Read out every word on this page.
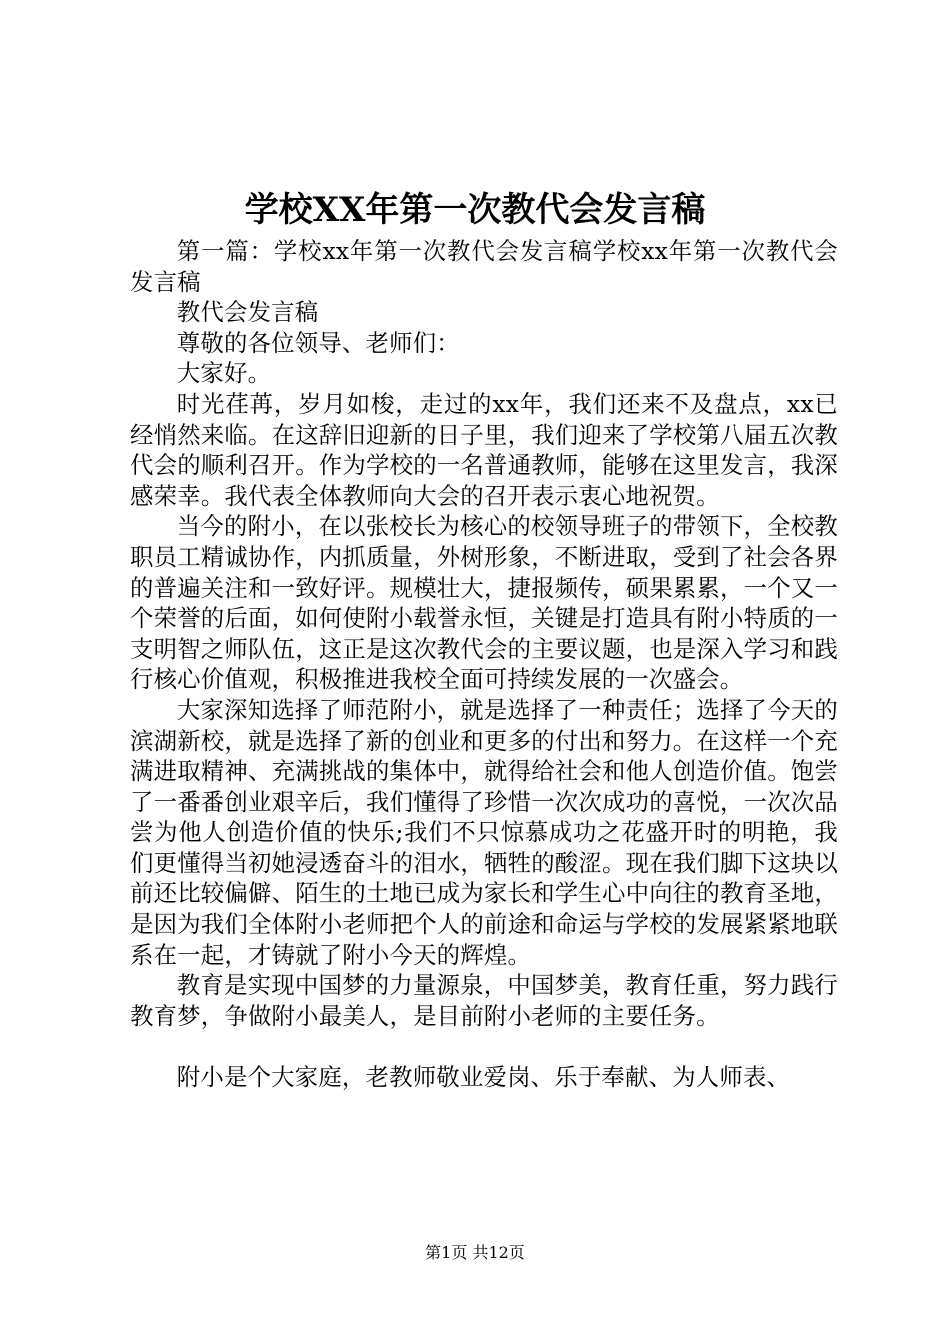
学校XX年第一次教代会发言稿

第一篇：学校xx年第一次教代会发言稿学校xx年第一次教代会发言稿

教代会发言稿

尊敬的各位领导、老师们：

大家好。

时光荏苒，岁月如梭，走过的xx年，我们还来不及盘点，xx已经悄然来临。在这辞旧迎新的日子里，我们迎来了学校第八届五次教代会的顺利召开。作为学校的一名普通教师，能够在这里发言，我深感荣幸。我代表全体教师向大会的召开表示衷心地祝贺。

当今的附小，在以张校长为核心的校领导班子的带领下，全校教职员工精诚协作，内抓质量，外树形象，不断进取，受到了社会各界的普遍关注和一致好评。规模壮大，捷报频传，硕果累累，一个又一个荣誉的后面，如何使附小载誉永恒，关键是打造具有附小特质的一支明智之师队伍，这正是这次教代会的主要议题，也是深入学习和践行核心价值观，积极推进我校全面可持续发展的一次盛会。

大家深知选择了师范附小，就是选择了一种责任；选择了今天的滨湖新校，就是选择了新的创业和更多的付出和努力。在这样一个充满进取精神、充满挑战的集体中，就得给社会和他人创造价值。饱尝了一番番创业艰辛后，我们懂得了珍惜一次次成功的喜悦，一次次品尝为他人创造价值的快乐;我们不只惊慕成功之花盛开时的明艳，我们更懂得当初她浸透奋斗的泪水，牺牲的酸涩。现在我们脚下这块以前还比较偏僻、陌生的土地已成为家长和学生心中向往的教育圣地，是因为我们全体附小老师把个人的前途和命运与学校的发展紧紧地联系在一起，才铸就了附小今天的辉煌。

教育是实现中国梦的力量源泉，中国梦美，教育任重，努力践行教育梦，争做附小最美人，是目前附小老师的主要任务。

附小是个大家庭，老教师敬业爱岗、乐于奉献、为人师表、

第1页 共12页
